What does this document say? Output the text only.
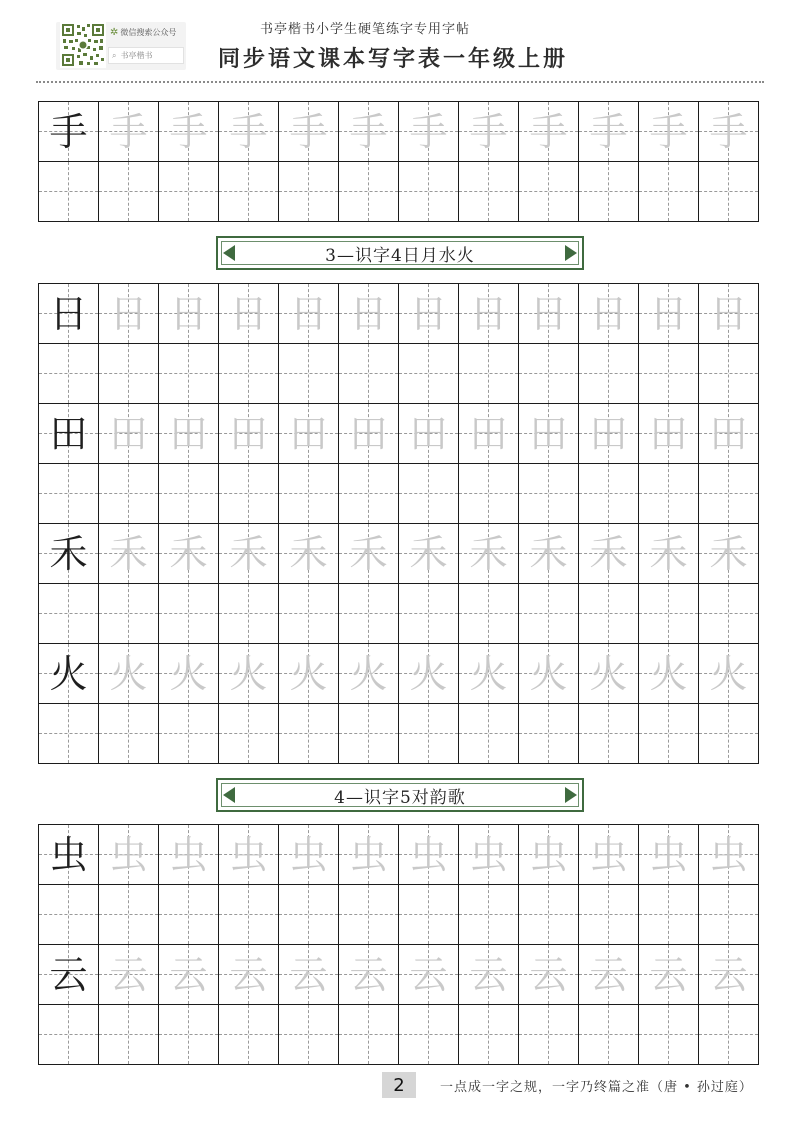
✲ 微信搜索公众号
⌕ 书亭楷书
书亭楷书小学生硬笔练字专用字帖
同步语文课本写字表一年级上册
手 手 手 手 手 手 手 手 手 手 手 手
3—识字4日月水火
日 日 日 日 日 日 日 日 日 日 日 日
田 田 田 田 田 田 田 田 田 田 田 田
禾 禾 禾 禾 禾 禾 禾 禾 禾 禾 禾 禾
火 火 火 火 火 火 火 火 火 火 火 火
4—识字5对韵歌
虫 虫 虫 虫 虫 虫 虫 虫 虫 虫 虫 虫
云 云 云 云 云 云 云 云 云 云 云 云
2	一点成一字之规，一字乃终篇之准（唐 • 孙过庭）
